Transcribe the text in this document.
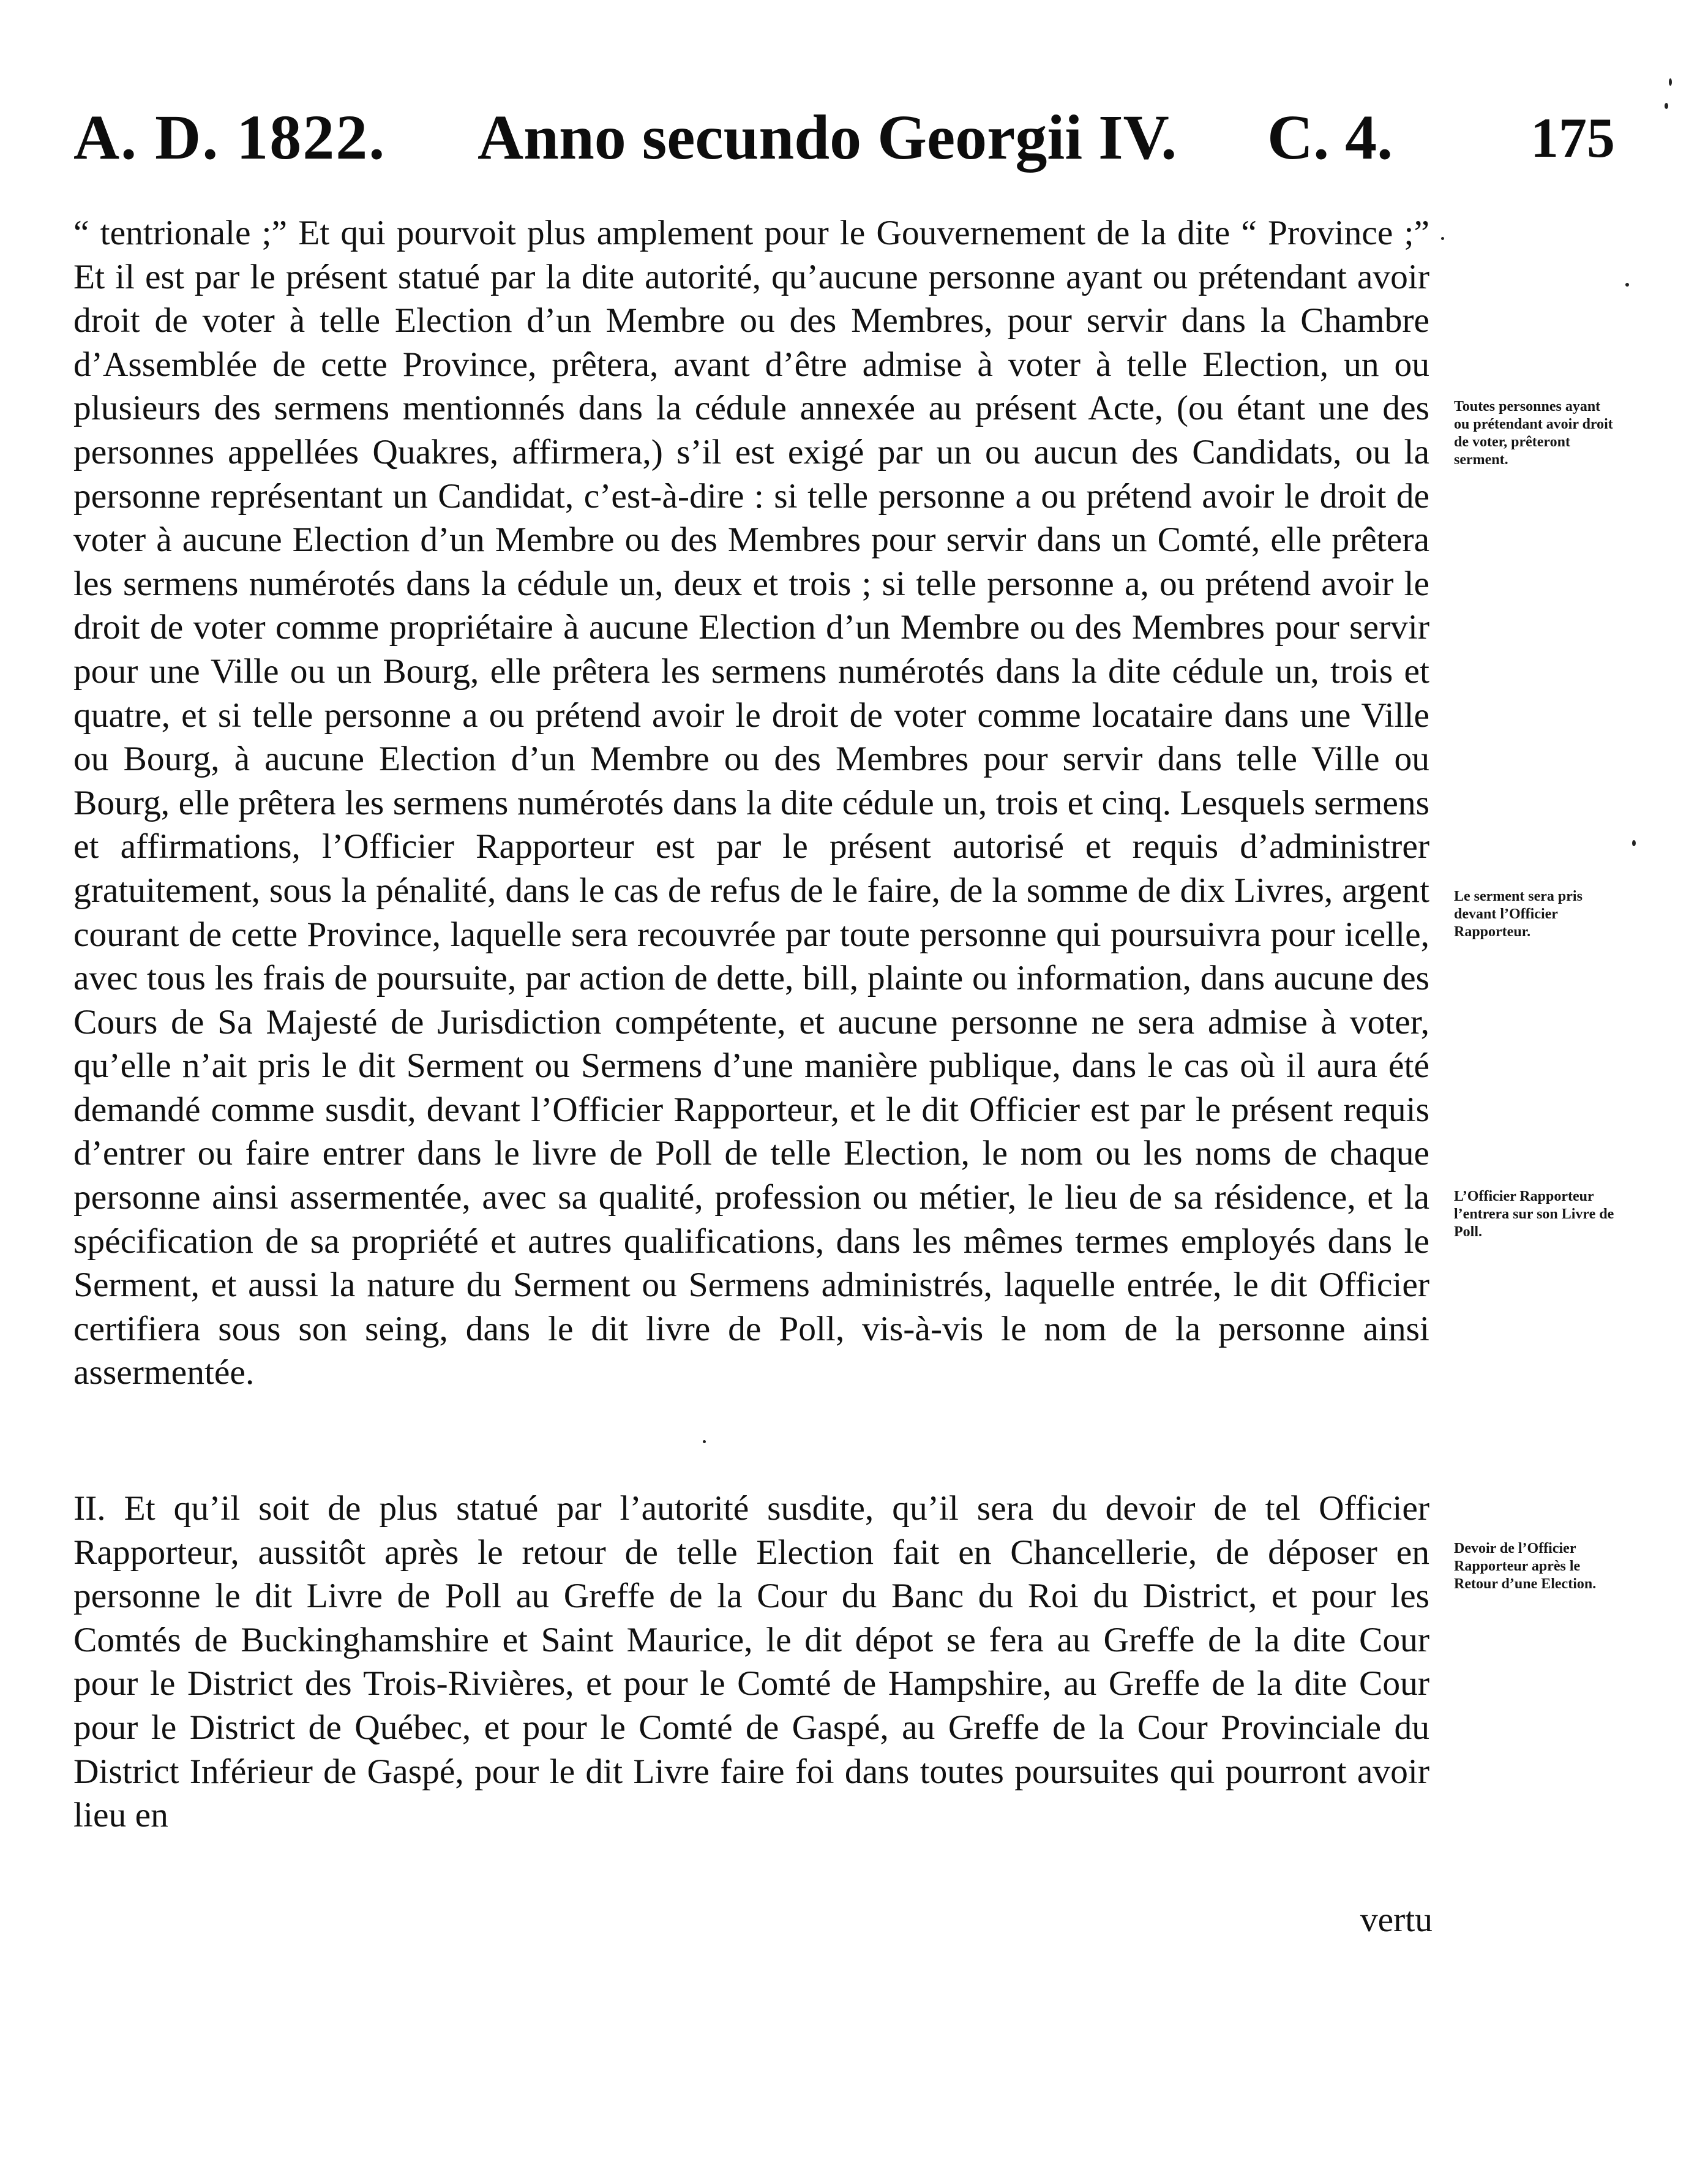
A. D. 1822. Anno secundo Georgii IV. C. 4. 175
“ tentrionale ;” Et qui pourvoit plus amplement pour le Gouvernement de la dite “ Province ;” Et il est par le présent statué par la dite autorité, qu’aucune personne ayant ou prétendant avoir droit de voter à telle Election d’un Membre ou des Membres, pour servir dans la Chambre d’Assemblée de cette Province, prêtera, avant d’être admise à voter à telle Election, un ou plusieurs des sermens mentionnés dans la cédule annexée au présent Acte, (ou étant une des personnes appellées Quakres, affirmera,) s’il est exigé par un ou aucun des Candidats, ou la personne représentant un Candidat, c’est-à-dire : si telle personne a ou prétend avoir le droit de voter à aucune Election d’un Membre ou des Membres pour servir dans un Comté, elle prêtera les sermens numérotés dans la cédule un, deux et trois ; si telle personne a, ou prétend avoir le droit de voter comme propriétaire à aucune Election d’un Membre ou des Membres pour servir pour une Ville ou un Bourg, elle prêtera les sermens numérotés dans la dite cédule un, trois et quatre, et si telle personne a ou prétend avoir le droit de voter comme locataire dans une Ville ou Bourg, à aucune Election d’un Membre ou des Membres pour servir dans telle Ville ou Bourg, elle prêtera les sermens numérotés dans la dite cédule un, trois et cinq. Lesquels sermens et affirmations, l’Officier Rapporteur est par le présent autorisé et requis d’administrer gratuitement, sous la pénalité, dans le cas de refus de le faire, de la somme de dix Livres, argent courant de cette Province, laquelle sera recouvrée par toute personne qui poursuivra pour icelle, avec tous les frais de poursuite, par action de dette, bill, plainte ou information, dans aucune des Cours de Sa Majesté de Jurisdiction compétente, et aucune personne ne sera admise à voter, qu’elle n’ait pris le dit Serment ou Sermens d’une manière publique, dans le cas où il aura été demandé comme susdit, devant l’Officier Rapporteur, et le dit Officier est par le présent requis d’entrer ou faire entrer dans le livre de Poll de telle Election, le nom ou les noms de chaque personne ainsi assermentée, avec sa qualité, profession ou métier, le lieu de sa résidence, et la spécification de sa propriété et autres qualifications, dans les mêmes termes employés dans le Serment, et aussi la nature du Serment ou Sermens administrés, laquelle entrée, le dit Officier certifiera sous son seing, dans le dit livre de Poll, vis-à-vis le nom de la personne ainsi assermentée.
II. Et qu’il soit de plus statué par l’autorité susdite, qu’il sera du devoir de tel Officier Rapporteur, aussitôt après le retour de telle Election fait en Chancellerie, de déposer en personne le dit Livre de Poll au Greffe de la Cour du Banc du Roi du District, et pour les Comtés de Buckinghamshire et Saint Maurice, le dit dépot se fera au Greffe de la dite Cour pour le District des Trois-Rivières, et pour le Comté de Hampshire, au Greffe de la dite Cour pour le District de Québec, et pour le Comté de Gaspé, au Greffe de la Cour Provinciale du District Inférieur de Gaspé, pour le dit Livre faire foi dans toutes poursuites qui pourront avoir lieu en
vertu
Toutes personnes ayant ou prétendant avoir droit de voter, prêteront serment.
Le serment sera pris devant l’Officier Rapporteur.
L’Officier Rapporteur l’entrera sur son Livre de Poll.
Devoir de l’Officier Rapporteur après le Retour d’une Election.
